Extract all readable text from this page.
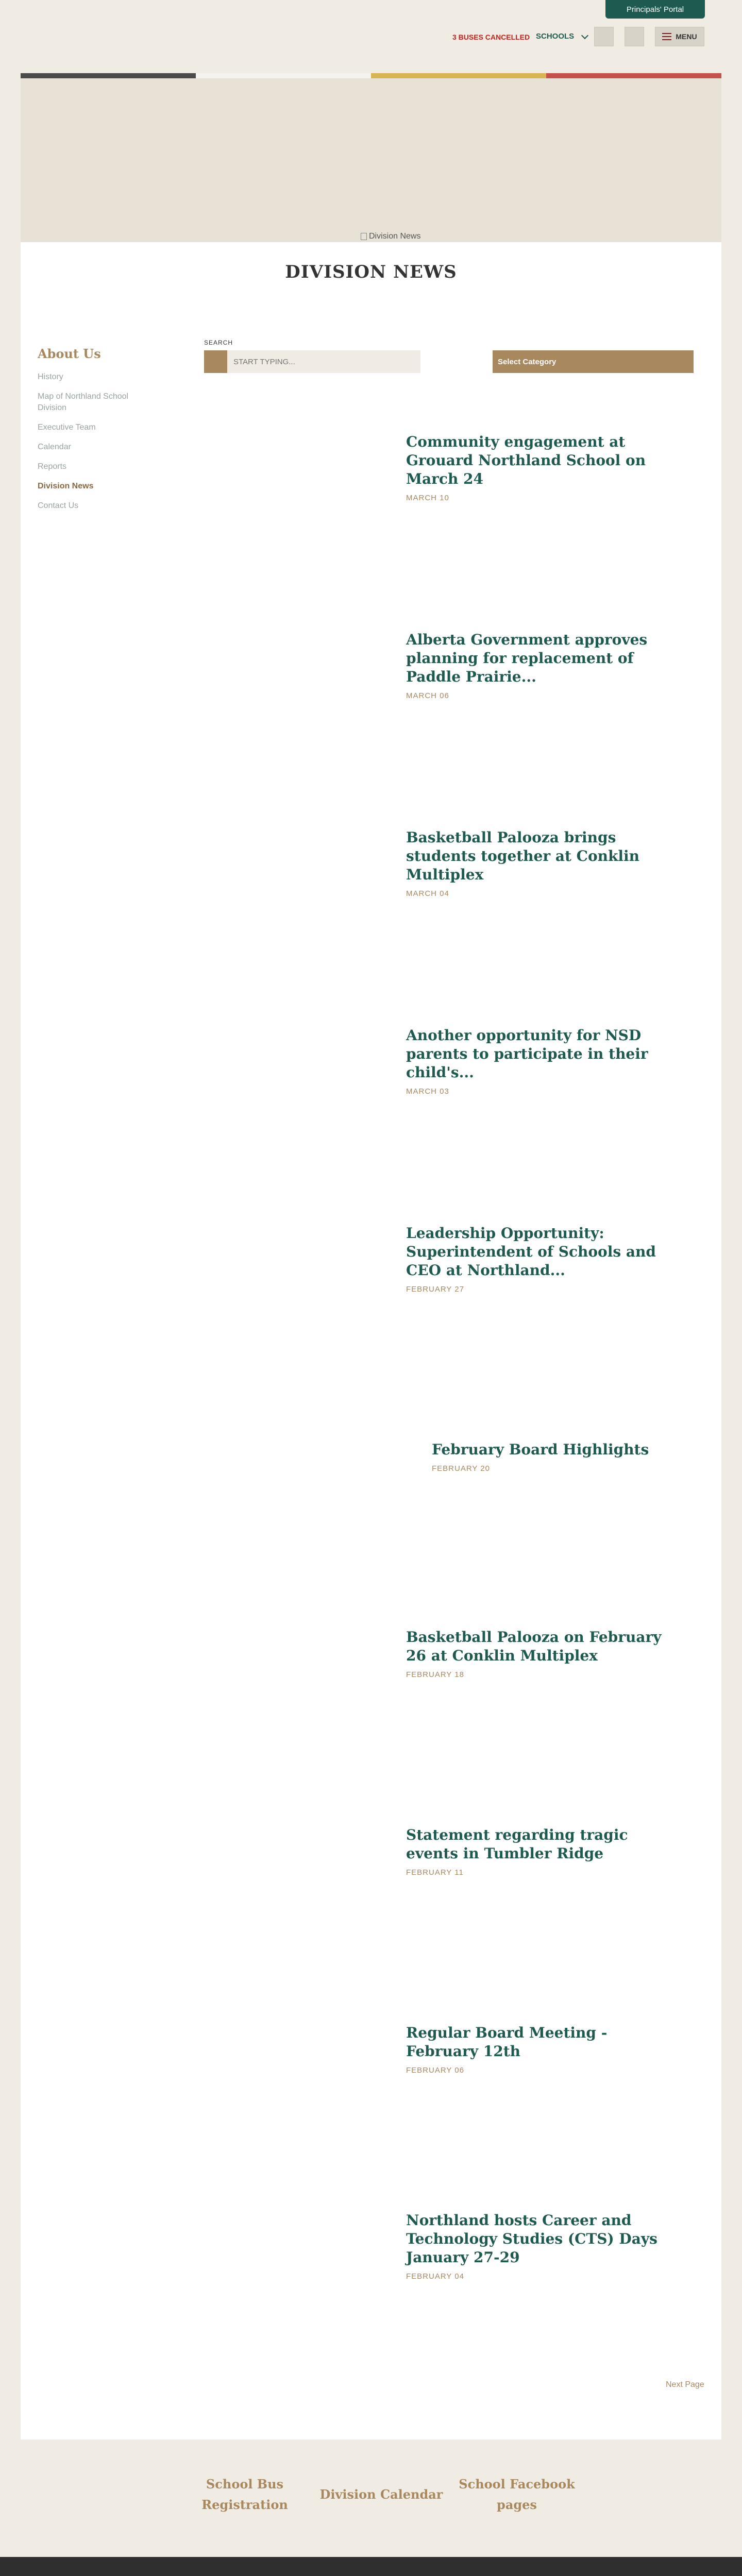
Principals' Portal
3 BUSES CANCELLED SCHOOLS	MENU
Division News
DIVISION NEWS
About Us
History
Map of Northland School Division
Executive Team
Calendar
Reports
Division News
Contact Us
SEARCH
START TYPING...
Select Category
Community engagement at Grouard Northland School on March 24
MARCH 10
Alberta Government approves planning for replacement of Paddle Prairie...
MARCH 06
Basketball Palooza brings students together at Conklin Multiplex
MARCH 04
Another opportunity for NSD parents to participate in their child's...
MARCH 03
Leadership Opportunity: Superintendent of Schools and CEO at Northland...
FEBRUARY 27
February Board Highlights
FEBRUARY 20
Basketball Palooza on February 26 at Conklin Multiplex
FEBRUARY 18
Statement regarding tragic events in Tumbler Ridge
FEBRUARY 11
Regular Board Meeting - February 12th
FEBRUARY 06
Northland hosts Career and Technology Studies (CTS) Days January 27-29
FEBRUARY 04
Next Page
School Bus Registration
Division Calendar
School Facebook pages
